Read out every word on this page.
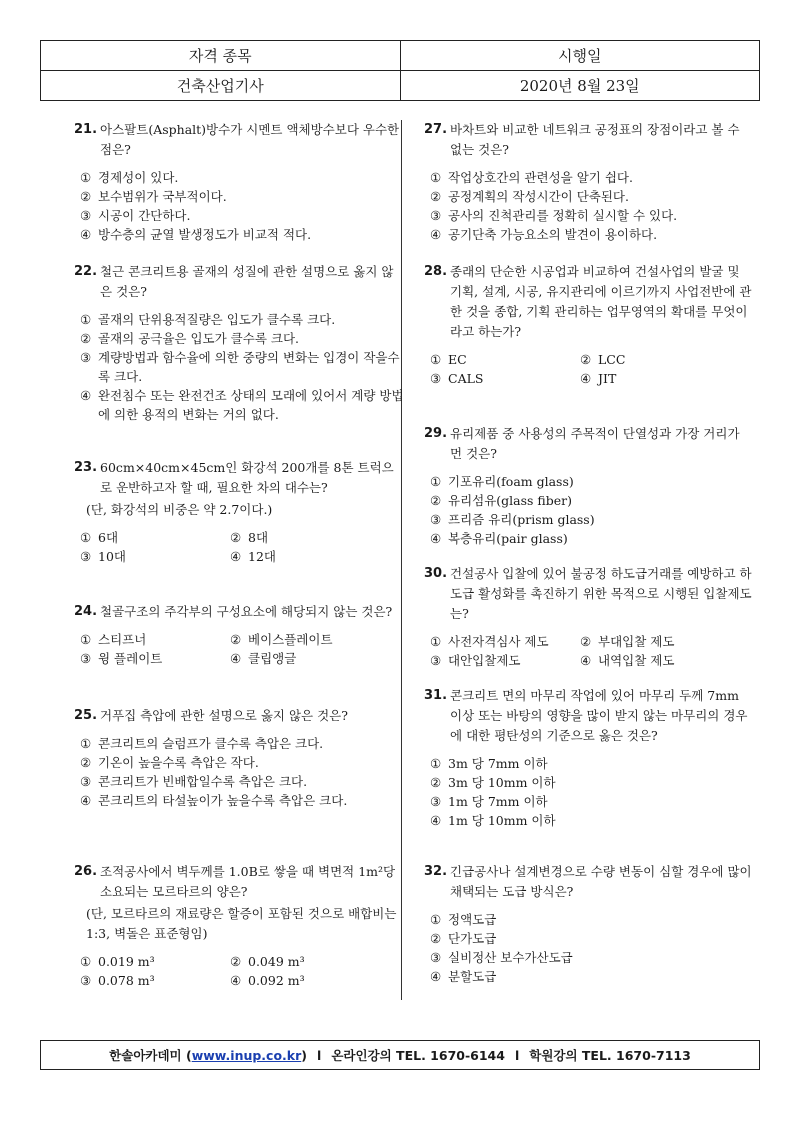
자격 종목	시행일
건축산업기사	2020년 8월 23일
21. 아스팔트(Asphalt)방수가 시멘트 액체방수보다 우수한 점은?
① 경제성이 있다.
② 보수범위가 국부적이다.
③ 시공이 간단하다.
④ 방수층의 균열 발생정도가 비교적 적다.
22. 철근 콘크리트용 골재의 성질에 관한 설명으로 옳지 않은 것은?
① 골재의 단위용적질량은 입도가 클수록 크다.
② 골재의 공극율은 입도가 클수록 크다.
③ 계량방법과 함수율에 의한 중량의 변화는 입경이 작을수록 크다.
④ 완전침수 또는 완전건조 상태의 모래에 있어서 계량 방법에 의한 용적의 변화는 거의 없다.
23. 60cm×40cm×45cm인 화강석 200개를 8톤 트럭으로 운반하고자 할 때, 필요한 차의 대수는?
(단, 화강석의 비중은 약 2.7이다.)
① 6대	② 8대
③ 10대	④ 12대
24. 철골구조의 주각부의 구성요소에 해당되지 않는 것은?
① 스티프너	② 베이스플레이트
③ 윙 플레이트	④ 클립앵글
25. 거푸집 측압에 관한 설명으로 옳지 않은 것은?
① 콘크리트의 슬럼프가 클수록 측압은 크다.
② 기온이 높을수록 측압은 작다.
③ 콘크리트가 빈배합일수록 측압은 크다.
④ 콘크리트의 타설높이가 높을수록 측압은 크다.
26. 조적공사에서 벽두께를 1.0B로 쌓을 때 벽면적 1m²당 소요되는 모르타르의 양은?
(단, 모르타르의 재료량은 할증이 포함된 것으로 배합비는 1:3, 벽돌은 표준형임)
① 0.019 m³	② 0.049 m³
③ 0.078 m³	④ 0.092 m³
27. 바차트와 비교한 네트워크 공정표의 장점이라고 볼 수 없는 것은?
① 작업상호간의 관련성을 알기 쉽다.
② 공정계획의 작성시간이 단축된다.
③ 공사의 진척관리를 정확히 실시할 수 있다.
④ 공기단축 가능요소의 발견이 용이하다.
28. 종래의 단순한 시공업과 비교하여 건설사업의 발굴 및 기획, 설계, 시공, 유지관리에 이르기까지 사업전반에 관한 것을 종합, 기획 관리하는 업무영역의 확대를 무엇이라고 하는가?
① EC	② LCC
③ CALS	④ JIT
29. 유리제품 중 사용성의 주목적이 단열성과 가장 거리가 먼 것은?
① 기포유리(foam glass)
② 유리섬유(glass fiber)
③ 프리즘 유리(prism glass)
④ 복층유리(pair glass)
30. 건설공사 입찰에 있어 불공정 하도급거래를 예방하고 하도급 활성화를 촉진하기 위한 목적으로 시행된 입찰제도는?
① 사전자격심사 제도	② 부대입찰 제도
③ 대안입찰제도	④ 내역입찰 제도
31. 콘크리트 면의 마무리 작업에 있어 마무리 두께 7mm 이상 또는 바탕의 영향을 많이 받지 않는 마무리의 경우에 대한 평탄성의 기준으로 옳은 것은?
① 3m 당 7mm 이하
② 3m 당 10mm 이하
③ 1m 당 7mm 이하
④ 1m 당 10mm 이하
32. 긴급공사나 설계변경으로 수량 변동이 심할 경우에 많이 채택되는 도급 방식은?
① 정액도급
② 단가도급
③ 실비정산 보수가산도급
④ 분할도급
한솔아카데미 ( www.inup.co.kr ) l 온라인강의 TEL. 1670-6144 l 학원강의 TEL. 1670-7113
